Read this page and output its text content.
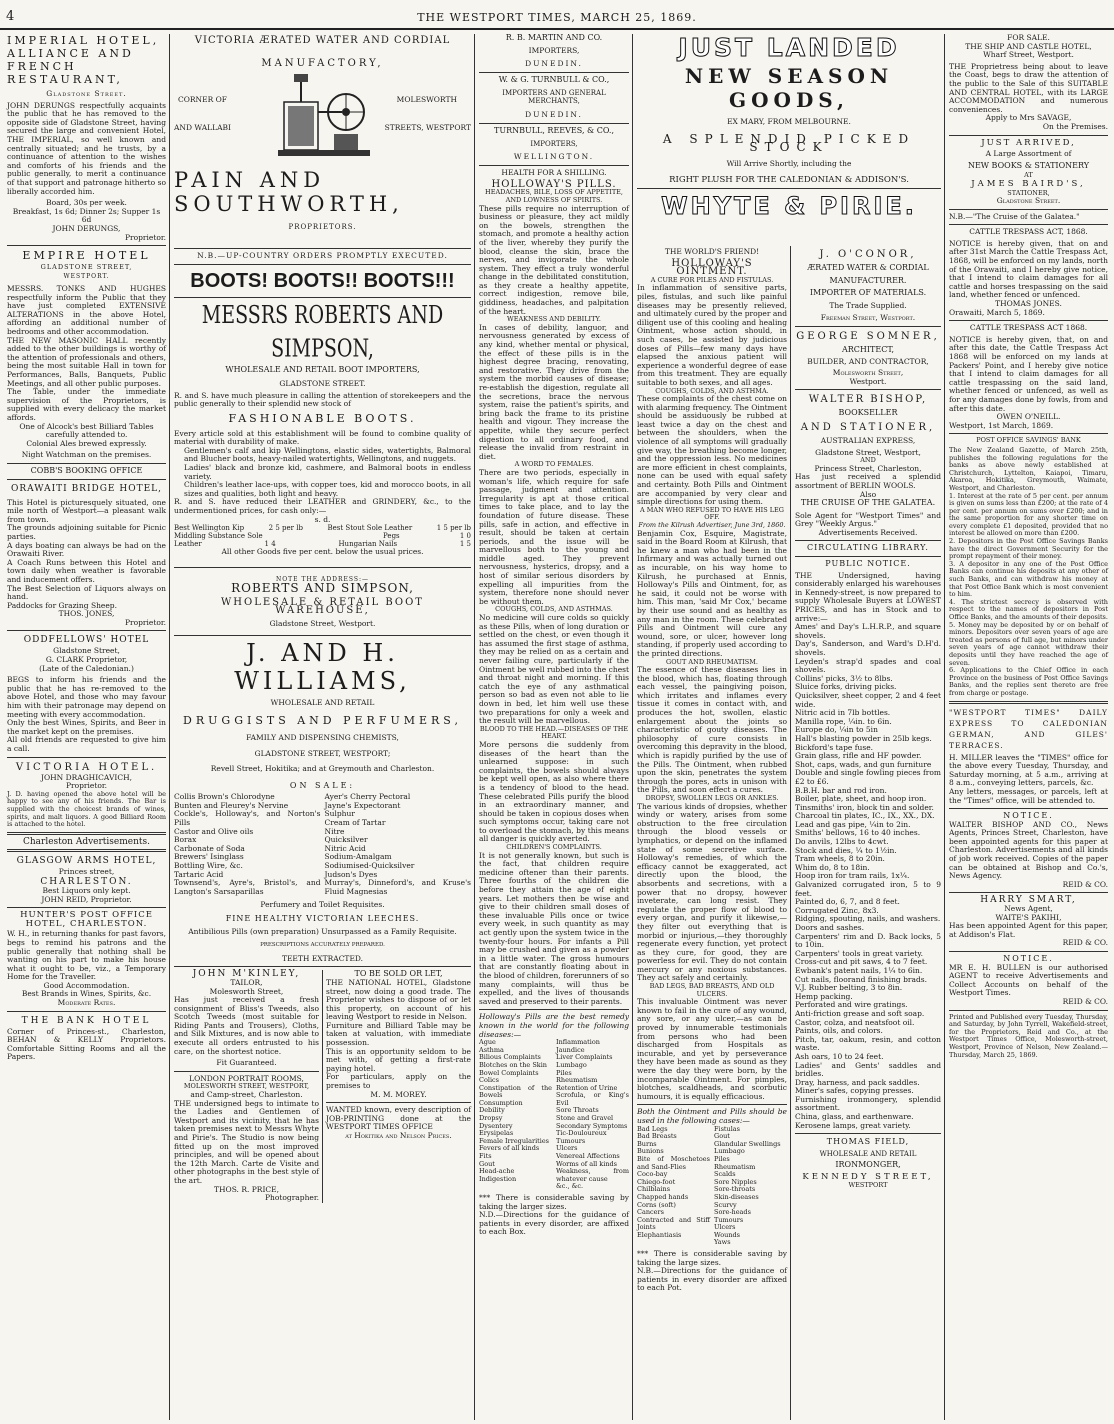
4	THE WESTPORT TIMES, MARCH 25, 1869.
IMPERIAL HOTEL, ALLIANCE AND FRENCH RESTAURANT,
Gladstone Street.
JOHN DERUNGS respectfully acquaints the public that he has removed to the opposite side of Gladstone Street, having secured the large and convenient Hotel, THE IMPERIAL, so well known and centrally situated; and he trusts, by a continuance of attention to the wishes and comforts of his friends and the public generally, to merit a continuance of that support and patronage hitherto so liberally accorded him.
Board, 30s per week.
Breakfast, 1s 6d; Dinner 2s; Supper 1s 6d
JOHN DERUNGS,
Proprietor.
EMPIRE HOTEL
GLADSTONE STREET,
WESTPORT.
MESSRS. TONKS AND HUGHES respectfully inform the Public that they have just completed EXTENSIVE ALTERATIONS in the above Hotel, affording an additional number of bedrooms and other accommodation.
THE NEW MASONIC HALL recently added to the other buildings is worthy of the attention of professionals and others, being the most suitable Hall in town for Performances, Balls, Banquets, Public Meetings, and all other public purposes.
The Table, under the immediate supervision of the Proprietors, is supplied with every delicacy the market affords.
One of Alcock's best Billiard Tables carefully attended to.
Colonial Ales brewed expressly.
Night Watchman on the premises.
COBB'S BOOKING OFFICE
ORAWAITI BRIDGE HOTEL,
This Hotel is picturesquely situated, one mile north of Westport—a pleasant walk from town.
The grounds adjoining suitable for Picnic parties.
A days boating can always be had on the Orawaiti River.
A Coach Runs between this Hotel and town daily when weather is favorable and inducement offers.
The Best Selection of Liquors always on hand.
Paddocks for Grazing Sheep.
THOS. JONES,
Proprietor.
ODDFELLOWS' HOTEL
Gladstone Street,
G. CLARK Proprietor,
(Late of the Caledonian.)
BEGS to inform his friends and the public that he has re-removed to the above Hotel, and those who may favour him with their patronage may depend on meeting with every accommodation.
Only the best Wines, Spirits, and Beer in the market kept on the premises.
All old friends are requested to give him a call.
VICTORIA HOTEL.
JOHN DRAGHICAVICH,
Proprietor.
J. D. having opened the above hotel will be happy to see any of his friends. The Bar is supplied with the choicest brands of wines, spirits, and malt liquors. A good Billiard Room is attached to the hotel.
Charleston Advertisements.
GLASGOW ARMS HOTEL,
Princes street,
CHARLESTON.
Best Liquors only kept.
JOHN REID, Proprietor.
HUNTER'S POST OFFICE HOTEL, CHARLESTON.
W. H., in returning thanks for past favors, begs to remind his patrons and the public generally that nothing shall be wanting on his part to make his house what it ought to be, viz., a Temporary Home for the Traveller.
Good Accommodation.
Best Brands in Wines, Spirits, &c.
Moderate Rates.
THE BANK HOTEL
Corner of Princes-st., Charleston, BEHAN & KELLY Proprietors. Comfortable Sitting Rooms and all the Papers.
VICTORIA ÆRATED WATER AND CORDIAL
MANUFACTORY,
CORNER OF
AND WALLABI
MOLESWORTH
STREETS, WESTPORT
PAIN AND SOUTHWORTH,
PROPRIETORS.
N.B.—UP-COUNTRY ORDERS PROMPTLY EXECUTED.
BOOTS! BOOTS!! BOOTS!!!
MESSRS ROBERTS AND SIMPSON,
WHOLESALE AND RETAIL BOOT IMPORTERS,
GLADSTONE STREET.
R. and S. have much pleasure in calling the attention of storekeepers and the public generally to their splendid new stock of
FASHIONABLE BOOTS.
Every article sold at this establishment will be found to combine quality of material with durability of make.
Gentlemen's calf and kip Wellingtons, elastic sides, watertights, Balmoral and Blucher boots, heavy-nailed watertights, Wellingtons, and nuggets.
Ladies' black and bronze kid, cashmere, and Balmoral boots in endless variety.
Children's leather lace-ups, with copper toes, kid and morocco boots, in all sizes and qualities, both light and heavy.
R. and S. have reduced their LEATHER and GRINDERY, &c., to the undermentioned prices, for cash only:—
s. d.
Best Wellington Kip	2 5 per lb	Best Stout Sole Leather	1 5 per lb
Middling Substance Sole	Pegs	1 0
Leather	1 4	Hungarian Nails	1 5
All other Goods five per cent. below the usual prices.
NOTE THE ADDRESS:—
ROBERTS AND SIMPSON,
WHOLESALE & RETAIL BOOT WAREHOUSE,
Gladstone Street, Westport.
J. AND H. WILLIAMS,
WHOLESALE AND RETAIL
DRUGGISTS AND PERFUMERS,
FAMILY AND DISPENSING CHEMISTS,
GLADSTONE STREET, WESTPORT;
Revell Street, Hokitika; and at Greymouth and Charleston.
ON SALE:
Collis Brown's Chlorodyne
Bunten and Fleurey's Nervine
Cockle's, Holloway's, and Norton's Pills
Castor and Olive oils
Borax
Carbonate of Soda
Brewers' Isinglass
Bottling Wire, &c.
Tartaric Acid
Townsend's, Ayre's, Bristol's, and Langton's Sarsaparillas
Ayer's Cherry Pectoral
Jayne's Expectorant
Sulphur
Cream of Tartar
Nitre
Quicksilver
Nitric Acid
Sodium-Amalgam
Sodiumised-Quicksilver
Judson's Dyes
Murray's, Dinneford's, and Kruse's Fluid Magnesias
Perfumery and Toilet Requisites.
FINE HEALTHY VICTORIAN LEECHES.
Antibilious Pills (own preparation) Unsurpassed as a Family Requisite.
PRESCRIPTIONS ACCURATELY PREPARED.
TEETH EXTRACTED.
JOHN M'KINLEY,
TAILOR,
Molesworth Street,
Has just received a fresh consignment of Bliss's Tweeds, also Scotch Tweeds (most suitable for Riding Pants and Trousers), Cloths, and Silk Mixtures, and is now able to execute all orders entrusted to his care, on the shortest notice.
Fit Guaranteed.
LONDON PORTRAIT ROOMS,
MOLESWORTH STREET, WESTPORT,
and Camp-street, Charleston.
THE undersigned begs to intimate to the Ladies and Gentlemen of Westport and its vicinity, that he has taken premises next to Messrs Whyte and Pirie's. The Studio is now being fitted up on the most improved principles, and will be opened about the 12th March. Carte de Visite and other photographs in the best style of the art.
THOS. R. PRICE,
Photographer.
TO BE SOLD OR LET,
THE NATIONAL HOTEL, Gladstone street, now doing a good trade. The Proprietor wishes to dispose of or let this property, on account of his leaving Westport to reside in Nelson.
Furniture and Billiard Table may be taken at valuation, with immediate possession.
This is an opportunity seldom to be met with, of getting a first-rate paying hotel.
For particulars, apply on the premises to
M. M. MOREY.
WANTED known, every description of JOB-PRINTING done at the WESTPORT TIMES OFFICE
at Hokitika and Nelson Prices.
R. B. MARTIN AND CO.
IMPORTERS,
DUNEDIN.
W. & G. TURNBULL & CO.,
IMPORTERS AND GENERAL MERCHANTS,
DUNEDIN.
TURNBULL, REEVES, & CO.,
IMPORTERS,
WELLINGTON.
HEALTH FOR A SHILLING.
HOLLOWAY'S PILLS.
HEADACHES, BILE, LOSS OF APPETITE, AND LOWNESS OF SPIRITS.
These pills require no interruption of business or pleasure, they act mildly on the bowels, strengthen the stomach, and promote a healthy action of the liver, whereby they purify the blood, cleanse the skin, brace the nerves, and invigorate the whole system. They effect a truly wonderful change in the debilitated constitution, as they create a healthy appetite, correct indigestion, remove bile, giddiness, headaches, and palpitation of the heart.
WEAKNESS AND DEBILITY.
In cases of debility, languor, and nervousness generated by excess of any kind, whether mental or physical, the effect of these pills is in the highest degree bracing, renovating, and restorative. They drive from the system the morbid causes of disease; re-establish the digestion, regulate all the secretions, brace the nervous system, raise the patient's spirits, and bring back the frame to its pristine health and vigour. They increase the appetite, while they secure perfect digestion to all ordinary food, and release the invalid from restraint in diet.
A WORD TO FEMALES.
There are two periods, especially in woman's life, which require for safe passage, judgment and attention. Irregularity is apt at those critical times to take place, and to lay the foundation of future disease. These pills, safe in action, and effective in result, should be taken at certain periods, and the issue will be marvellous both to the young and middle aged. They prevent nervousness, hysterics, dropsy, and a host of similar serious disorders by expelling all impurities from the system, therefore none should never be without them.
COUGHS, COLDS, AND ASTHMAS.
No medicine will cure colds so quickly as these Pills, when of long duration or settled on the chest, or even though it has assumed the first stage of asthma, they may be relied on as a certain and never failing cure, particularly if the Ointment be well rubbed into the chest and throat night and morning. If this catch the eye of any asthmatical person so bad as even not able to lie down in bed, let him well use these two preparations for only a week and the result will be marvellous.
BLOOD TO THE HEAD.—DISEASES OF THE HEART.
More persons die suddenly from diseases of the heart than the unlearned suppose: in such complaints, the bowels should always be kept well open, as also where there is a tendency of blood to the head. These celebrated Pills purify the blood in an extraordinary manner, and should be taken in copious doses when such symptoms occur, taking care not to overload the stomach, by this means all danger is quickly averted.
CHILDREN'S COMPLAINTS.
It is not generally known, but such is the fact, that children require medicine oftener than their parents. Three fourths of the children die before they attain the age of eight years. Let mothers then be wise and give to their children small doses of these invaluable Pills once or twice every week, in such quantity as may act gently upon the system twice in the twenty-four hours. For infants a Pill may be crushed and given as a powder in a little water. The gross humours that are constantly floating about in the blood of children, forerunners of so many complaints, will thus be expelled, and the lives of thousands saved and preserved to their parents.
Holloway's Pills are the best remedy known in the world for the following diseases:—
Ague
Asthma
Bilious Complaints
Blotches on the Skin
Bowel Complaints
Colics
Constipation of the Bowels
Consumption
Debility
Dropsy
Dysentery
Erysipelas
Female Irregularities
Fevers of all kinds
Fits
Gout
Head-ache
Indigestion
Inflammation
Jaundice
Liver Complaints
Lumbago
Piles
Rheumatism
Retention of Urine
Scrofula, or King's Evil
Sore Throats
Stone and Gravel
Secondary Symptoms
Tic-Douloureux
Tumours
Ulcers
Venereal Affections
Worms of all kinds
Weakness, from whatever cause
&c., &c.
*** There is considerable saving by taking the larger sizes.
N.D.—Directions for the guidance of patients in every disorder, are affixed to each Box.
JUST LANDED
NEW SEASON GOODS,
EX MARY, FROM MELBOURNE.
A SPLENDID PICKED STOCK
Will Arrive Shortly, including the
RIGHT PLUSH FOR THE CALEDONIAN & ADDISON'S.
WHYTE & PIRIE.
THE WORLD'S FRIEND!
HOLLOWAY'S OINTMENT.
A CURE FOR PILES AND FISTULAS.
In inflammation of sensitive parts, piles, fistulas, and such like painful diseases may be presently relieved, and ultimately cured by the proper and diligent use of this cooling and healing Ointment, whose action should, in such cases, be assisted by judicious doses of Pills—few many days have elapsed the anxious patient will experience a wonderful degree of ease from this treatment. They are equally suitable to both sexes, and all ages.
COUGHS, COLDS, AND ASTHMA.
These complaints of the chest come on with alarming frequency. The Ointment should be assiduously be rubbed at least twice a day on the chest and between the shoulders, when the violence of all symptoms will gradually give way, the breathing become longer, and the oppression less. No medicines are more efficient in chest complaints, none can be used with equal safety and certainty. Both Pills and Ointment are accompanied by very clear and simple directions for using them.
A MAN WHO REFUSED TO HAVE HIS LEG OFF.
From the Kilrush Advertiser, June 3rd, 1860.
Benjamin Cox, Esquire, Magistrate, said in the Board Room at Kilrush, that he knew a man who had been in the Infirmary and was actually turned out as incurable, on his way home to Kilrush, he purchased at Ennis, Holloway's Pills and Ointment, for, as he said, it could not be worse with him. This man, 'said Mr Cox,' became by their use sound and as healthy as any man in the room. These celebrated Pills and Ointment will cure any wound, sore, or ulcer, however long standing, if properly used according to the printed directions.
GOUT AND RHEUMATISM.
The essence of these diseases lies in the blood, which has, floating through each vessel, the paingiving poison, which irritates and inflames every tissue it comes in contact with, and produces the hot, swollen, elastic enlargement about the joints so characteristic of gouty diseases. The philosophy of cure consists in overcoming this depravity in the blood, which is rapidly purified by the use of the Pills. The Ointment, when rubbed upon the skin, penetrates the system through the pores, acts in unison with the Pills, and soon effect a cures.
DROPSY, SWOLLEN LEGS OR ANKLES.
The various kinds of dropsies, whether windy or watery, arises from some obstruction to the free circulation through the blood vessels or lymphatics, or depend on the inflamed state of some secretive surface. Holloway's remedies, of which the efficacy cannot be exaggerated, act directly upon the blood, the absorbents and secretions, with a power that no dropsy, however inveterate, can long resist. They regulate the proper flow of blood to every organ, and purify it likewise,—they filter out everything that is morbid or injurious,—they thoroughly regenerate every function, yet protect as they cure, for good, they are powerless for evil. They do not contain mercury or any noxious substances. They act safely and certainly.
BAD LEGS, BAD BREASTS, AND OLD ULCERS.
This invaluable Ointment was never known to fail in the cure of any wound, any sore, or any ulcer,—as can be proved by innumerable testimonials from persons who had been discharged from Hospitals as incurable, and yet by perseverance they have been made as sound as they were the day they were born, by the incomparable Ointment. For pimples, blotches, scaldheads, and scorbutic humours, it is equally efficacious.
Both the Ointment and Pills should be used in the following cases:—
Bad Legs
Bad Breasts
Burns
Bunions
Bite of Moschetoes and Sand-Flies
Coco-bay
Chiego-foot
Chilblains
Chapped hands
Corns (soft)
Cancers
Contracted and Stiff Joints
Elephantiasis
Fistulas
Gout
Glandular Swellings
Lumbago
Piles
Rheumatism
Scalds
Sore Nipples
Sore-throats
Skin-diseases
Scurvy
Sore-heads
Tumours
Ulcers
Wounds
Yaws
*** There is considerable saving by taking the large sizes.
N.B.—Directions for the guidance of patients in every disorder are affixed to each Pot.
J. O'CONOR,
ÆRATED WATER & CORDIAL
MANUFACTURER.
IMPORTER OF MATERIALS.
The Trade Supplied.
Freeman Street, Westport.
GEORGE SOMNER,
ARCHITECT,
BUILDER, AND CONTRACTOR,
Molesworth Street,
Westport.
WALTER BISHOP,
BOOKSELLER
AND STATIONER,
AUSTRALIAN EXPRESS,
Gladstone Street, Westport,
AND
Princess Street, Charleston,
Has just received a splendid assortment of BERLIN WOOLS.
Also
THE CRUISE OF THE GALATEA.
Sole Agent for "Westport Times" and Grey "Weekly Argus."
Advertisements Received.
CIRCULATING LIBRARY.
PUBLIC NOTICE.
THE Undersigned, having considerably enlarged his warehouses in Kennedy-street, is now prepared to supply Wholesale Buyers at LOWEST PRICES, and has in Stock and to arrive:—
Ames' and Day's L.H.R.P., and square shovels.
Day's, Sanderson, and Ward's D.H'd. shovels.
Leyden's strap'd spades and coal shovels.
Collins' picks, 3½ to 8lbs.
Sluice forks, driving picks.
Quicksilver, sheet copper, 2 and 4 feet wide.
Nitric acid in 7lb bottles.
Manilla rope, ¼in. to 6in.
Europe do, ¼in to 5in
Hall's blasting powder in 25lb kegs.
Bickford's tape fuse.
Grain glass, rifle and HF powder.
Shot, caps, wads, and gun furniture
Double and single fowling pieces from £2 to £6.
B.B.H. bar and rod iron.
Boiler, plate, sheet, and hoop iron.
Tinsmiths' iron, block tin and solder.
Charcoal tin plates, IC., IX., XX., DX.
Lead and gas pipe, ¼in to 2in.
Smiths' bellows, 16 to 40 inches.
Do anvils, 12lbs to 4cwt.
Stock and dies, ¼ to 1½in.
Tram wheels, 8 to 20in.
Whim do, 8 to 18in.
Hoop iron for tram rails, 1x¼.
Galvanized corrugated iron, 5 to 9 feet.
Painted do, 6, 7, and 8 feet.
Corrugated Zinc, 8x3.
Ridging, spouting, nails, and washers.
Doors and sashes.
Carpenters' rim and D. Back locks, 5 to 10in.
Carpenters' tools in great variety.
Cross-cut and pit saws, 4 to 7 feet.
Ewbank's patent nails, 1¼ to 6in.
Cut nails, floorand finishing brads.
V.J. Rubber belting, 3 to 8in.
Hemp packing.
Perforated and wire gratings.
Anti-friction grease and soft soap.
Castor, colza, and neatsfoot oil.
Paints, oils, and colors.
Pitch, tar, oakum, resin, and cotton waste.
Ash oars, 10 to 24 feet.
Ladies' and Gents' saddles and bridles.
Dray, harness, and pack saddles.
Miner's safes, copying presses.
Furnishing ironmongery, splendid assortment.
China, glass, and earthenware.
Kerosene lamps, great variety.
THOMAS FIELD,
WHOLESALE AND RETAIL
IRONMONGER,
KENNEDY STREET,
WESTPORT
FOR SALE.
THE SHIP AND CASTLE HOTEL,
Wharf Street, Westport.
THE Proprietress being about to leave the Coast, begs to draw the attention of the public to the Sale of this SUITABLE AND CENTRAL HOTEL, with its LARGE ACCOMMODATION and numerous conveniences.
Apply to Mrs SAVAGE,
On the Premises.
JUST ARRIVED,
A Large Assortment of
NEW BOOKS & STATIONERY
AT
JAMES BAIRD'S,
STATIONER,
Gladstone Street.
N.B.—"The Cruise of the Galatea."
CATTLE TRESPASS ACT, 1868.
NOTICE is hereby given, that on and after 31st March the Cattle Trespass Act, 1868, will be enforced on my lands, north of the Orawaiti, and I hereby give notice, that I intend to claim damages for all cattle and horses trespassing on the said land, whether fenced or unfenced.
THOMAS JONES.
Orawaiti, March 5, 1869.
CATTLE TRESPASS ACT 1868.
NOTICE is hereby given, that, on and after this date, the Cattle Trespass Act 1868 will be enforced on my lands at Packers' Point, and I hereby give notice that I intend to claim damages for all cattle trespassing on the said land, whether fenced or unfenced, as well as for any damages done by fowls, from and after this date.
OWEN O'NEILL.
Westport, 1st March, 1869.
POST OFFICE SAVINGS' BANK
The New Zealand Gazette, of March 25th, publishes the following regulations for the banks as above newly established at Christchurch, Lyttelton, Kaiapoi, Timaru, Akaroa, Hokitika, Greymouth, Waimate, Westport, and Charleston.
1. Interest at the rate of 5 per cent. per annum is given on sums less than £200; at the rate of 4 per cent. per annum on sums over £200; and in the same proportion for any shorter time on every complete £1 deposited, provided that no interest be allowed on more than £200.
2. Depositors in the Post Office Savings Banks have the direct Government Security for the prompt repayment of their money.
3. A depositor in any one of the Post Office Banks can continue his deposits at any other of such Banks, and can withdraw his money at that Post Office Bank which is most convenient to him.
4. The strictest secrecy is observed with respect to the names of depositors in Post Office Banks, and the amounts of their deposits.
5. Money may be deposited by or on behalf of minors. Depositors over seven years of age are treated as persons of full age, but minors under seven years of age cannot withdraw their deposits until they have reached the age of seven.
6. Applications to the Chief Office in each Province on the business of Post Office Savings Banks, and the replies sent thereto are free from charge or postage.
"WESTPORT TIMES" DAILY EXPRESS TO CALEDONIAN GERMAN, AND GILES' TERRACES.
H. MILLER leaves the "TIMES" office for the above every Tuesday, Thursday, and Saturday morning, at 5 a.m., arriving at 8 a.m., conveying letters, parcels, &c.
Any letters, messages, or parcels, left at the "Times" office, will be attended to.
NOTICE.
WALTER BISHOP AND CO., News Agents, Princes Street, Charleston, have been appointed agents for this paper at Charleston. Advertisements and all kinds of job work received. Copies of the paper can be obtained at Bishop and Co.'s, News Agency.
REID & CO.
HARRY SMART,
News Agent,
WAITE'S PAKIHI,
Has been appointed Agent for this paper, at Addison's Flat.
REID & CO.
NOTICE.
MR E. H. BULLEN is our authorised AGENT to receive Advertisements and Collect Accounts on behalf of the Westport Times.
REID & CO.
Printed and Published every Tuesday, Thursday, and Saturday, by John Tyrrell, Wakefield-street, for the Proprietors, Reid and Co., at the Westport Times Office, Molesworth-street, Westport, Province of Nelson, New Zealand.—Thursday, March 25, 1869.
